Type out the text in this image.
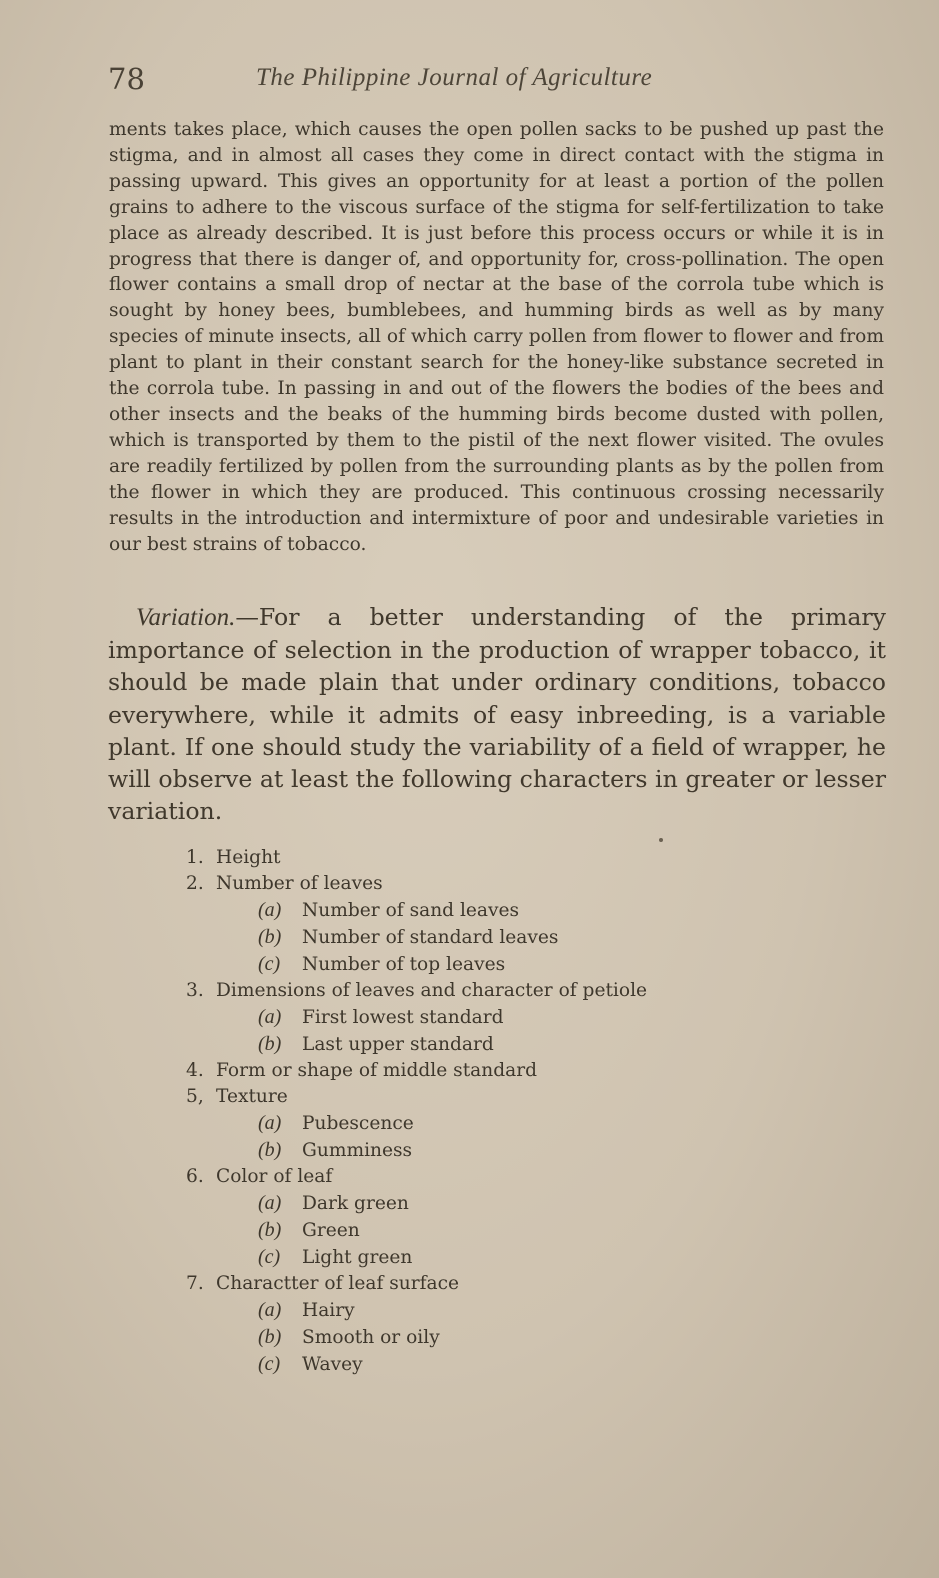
78	The Philippine Journal of Agriculture

ments takes place, which causes the open pollen sacks to be pushed up past the stigma, and in almost all cases they come in direct contact with the stigma in passing upward. This gives an opportunity for at least a portion of the pollen grains to adhere to the viscous surface of the stigma for self-fertilization to take place as already described. It is just before this process occurs or while it is in progress that there is danger of, and opportunity for, cross-pollination. The open flower contains a small drop of nectar at the base of the corrola tube which is sought by honey bees, bumblebees, and humming birds as well as by many species of minute insects, all of which carry pollen from flower to flower and from plant to plant in their constant search for the honey-like substance secreted in the corrola tube. In passing in and out of the flowers the bodies of the bees and other insects and the beaks of the humming birds become dusted with pollen, which is transported by them to the pistil of the next flower visited. The ovules are readily fertilized by pollen from the surrounding plants as by the pollen from the flower in which they are produced. This continuous crossing necessarily results in the introduction and intermixture of poor and undesirable varieties in our best strains of tobacco.

Variation.—For a better understanding of the primary importance of selection in the production of wrapper tobacco, it should be made plain that under ordinary conditions, tobacco everywhere, while it admits of easy inbreeding, is a variable plant. If one should study the variability of a field of wrapper, he will observe at least the following characters in greater or lesser variation.

1. Height
2. Number of leaves
(a) Number of sand leaves
(b) Number of standard leaves
(c) Number of top leaves
3. Dimensions of leaves and character of petiole
(a) First lowest standard
(b) Last upper standard
4. Form or shape of middle standard
5, Texture
(a) Pubescence
(b) Gumminess
6. Color of leaf
(a) Dark green
(b) Green
(c) Light green
7. Charactter of leaf surface
(a) Hairy
(b) Smooth or oily
(c) Wavey
